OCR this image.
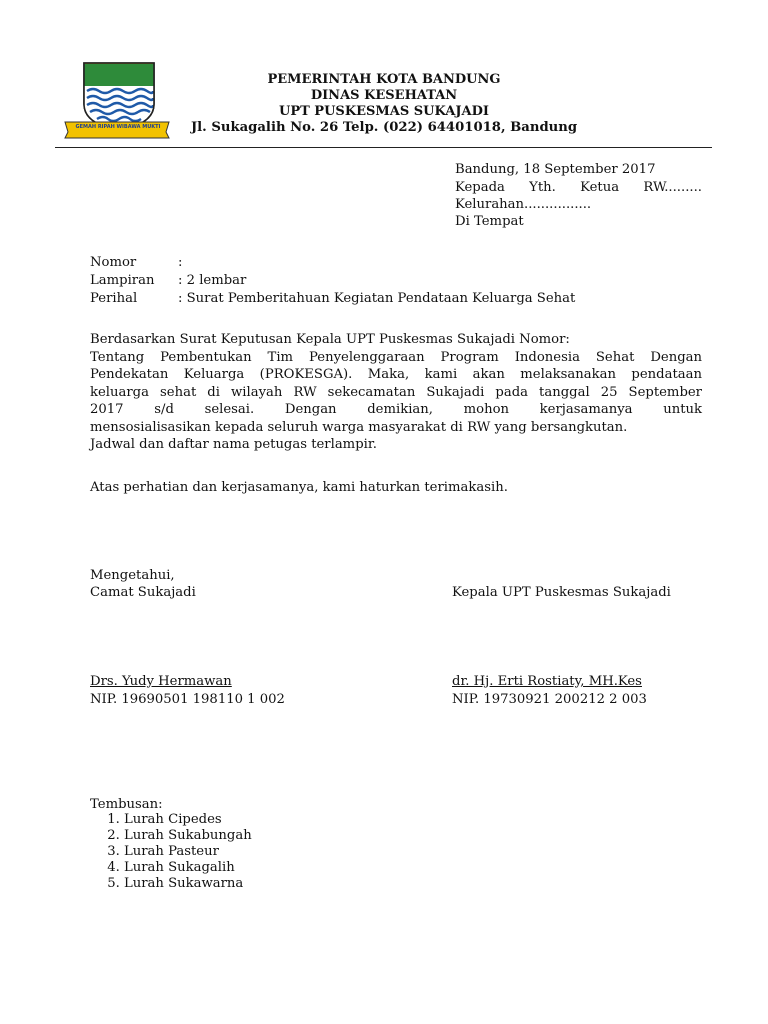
GEMAH RIPAH WIBAWA MUKTI
PEMERINTAH KOTA BANDUNG
DINAS KESEHATAN
UPT PUSKESMAS SUKAJADI
Jl. Sukagalih No. 26 Telp. (022) 64401018, Bandung
Bandung, 18 September 2017
Kepada Yth. Ketua RW.........
Kelurahan................
Di Tempat
Nomor	:
Lampiran : 2 lembar
Perihal	: Surat Pemberitahuan Kegiatan Pendataan Keluarga Sehat
Berdasarkan Surat Keputusan Kepala UPT Puskesmas Sukajadi Nomor:
Tentang Pembentukan Tim Penyelenggaraan Program Indonesia Sehat Dengan
Pendekatan Keluarga (PROKESGA). Maka, kami akan melaksanakan pendataan
keluarga sehat di wilayah RW sekecamatan Sukajadi pada tanggal 25 September
2017 s/d selesai. Dengan demikian, mohon kerjasamanya untuk
mensosialisasikan kepada seluruh warga masyarakat di RW yang bersangkutan.
Jadwal dan daftar nama petugas terlampir.
Atas perhatian dan kerjasamanya, kami haturkan terimakasih.
Mengetahui,
Camat Sukajadi
Drs. Yudy Hermawan
NIP. 19690501 198110 1 002
Kepala UPT Puskesmas Sukajadi
dr. Hj. Erti Rostiaty, MH.Kes
NIP. 19730921 200212 2 003
Tembusan:
1. Lurah Cipedes
2. Lurah Sukabungah
3. Lurah Pasteur
4. Lurah Sukagalih
5. Lurah Sukawarna
